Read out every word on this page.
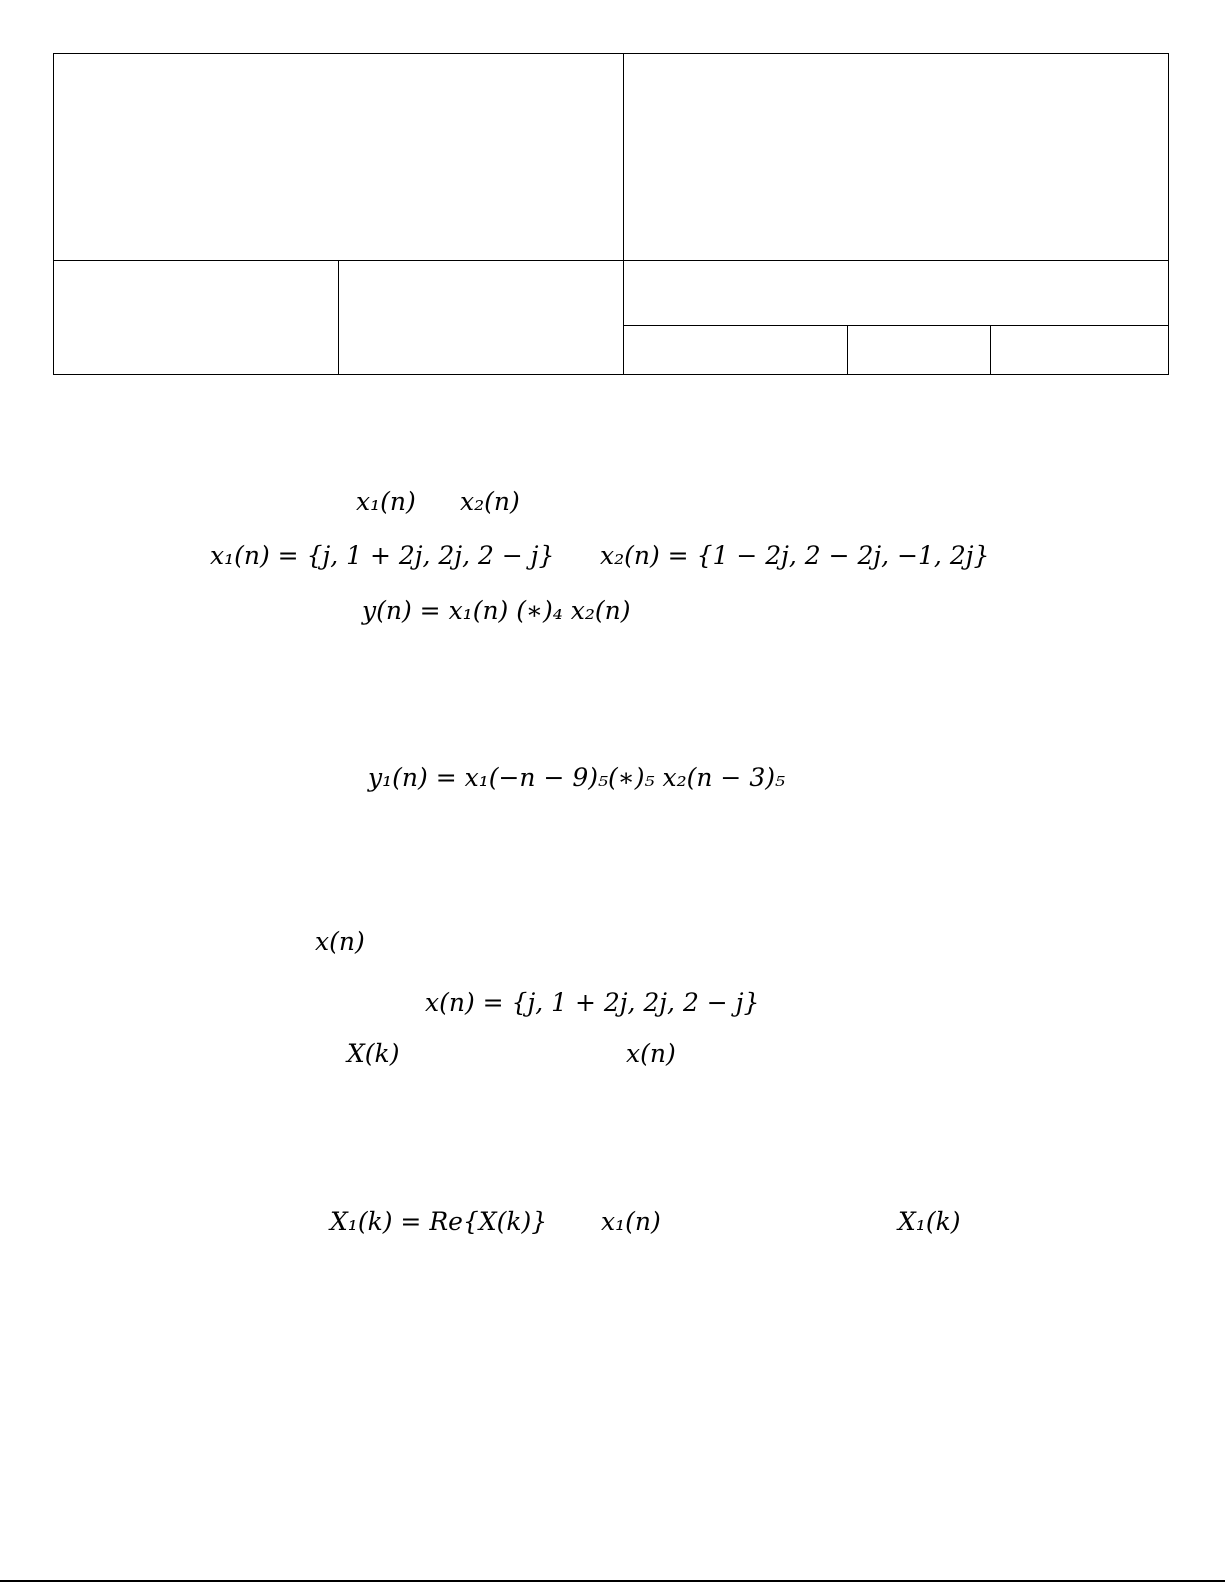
x₁(n) x₂(n)
x₁(n) = {j, 1 + 2j, 2j, 2 − j} x₂(n) = {1 − 2j, 2 − 2j, −1, 2j}
y(n) = x₁(n) (∗)₄ x₂(n)
y₁(n) = x₁(−n − 9)₅(∗)₅ x₂(n − 3)₅
x(n)
x(n) = {j, 1 + 2j, 2j, 2 − j}
X(k)	x(n)
X₁(k) = Re{X(k)} x₁(n)	X₁(k)
